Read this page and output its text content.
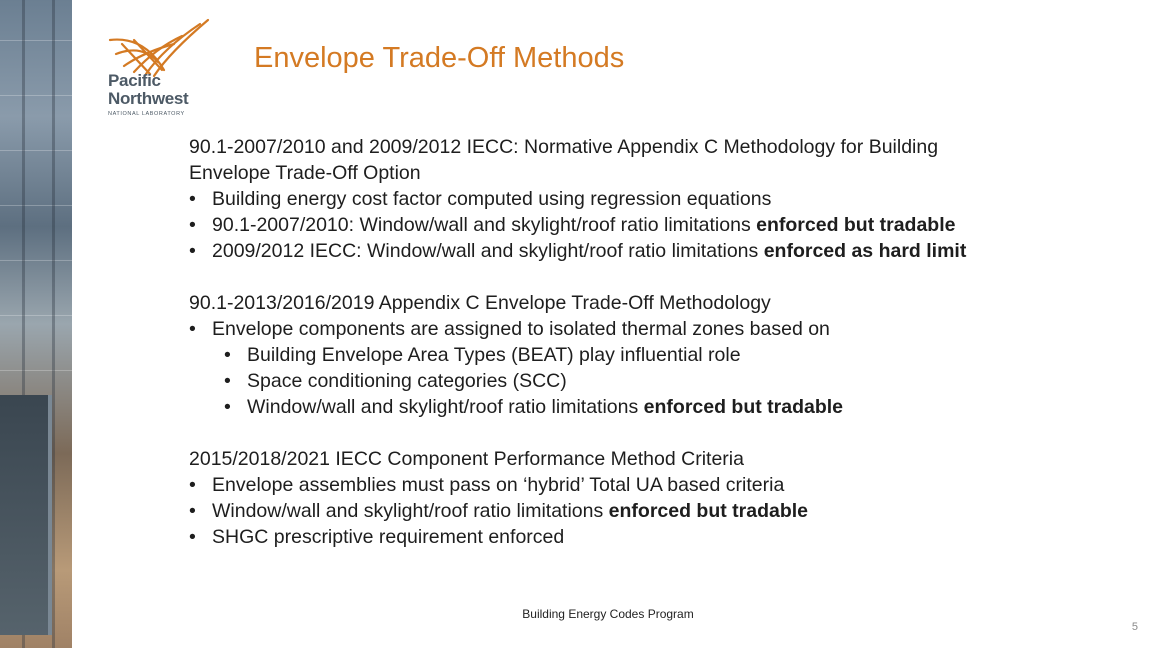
Pacific
Northwest
NATIONAL LABORATORY
Envelope Trade-Off Methods
90.1-2007/2010 and 2009/2012 IECC: Normative Appendix C Methodology for Building
Envelope Trade-Off Option
• Building energy cost factor computed using regression equations
• 90.1-2007/2010: Window/wall and skylight/roof ratio limitations enforced but tradable
• 2009/2012 IECC: Window/wall and skylight/roof ratio limitations enforced as hard limit
90.1-2013/2016/2019 Appendix C Envelope Trade-Off Methodology
• Envelope components are assigned to isolated thermal zones based on
• Building Envelope Area Types (BEAT) play influential role
• Space conditioning categories (SCC)
• Window/wall and skylight/roof ratio limitations enforced but tradable
2015/2018/2021 IECC Component Performance Method Criteria
• Envelope assemblies must pass on ‘hybrid’ Total UA based criteria
• Window/wall and skylight/roof ratio limitations enforced but tradable
• SHGC prescriptive requirement enforced
Building Energy Codes Program
5
